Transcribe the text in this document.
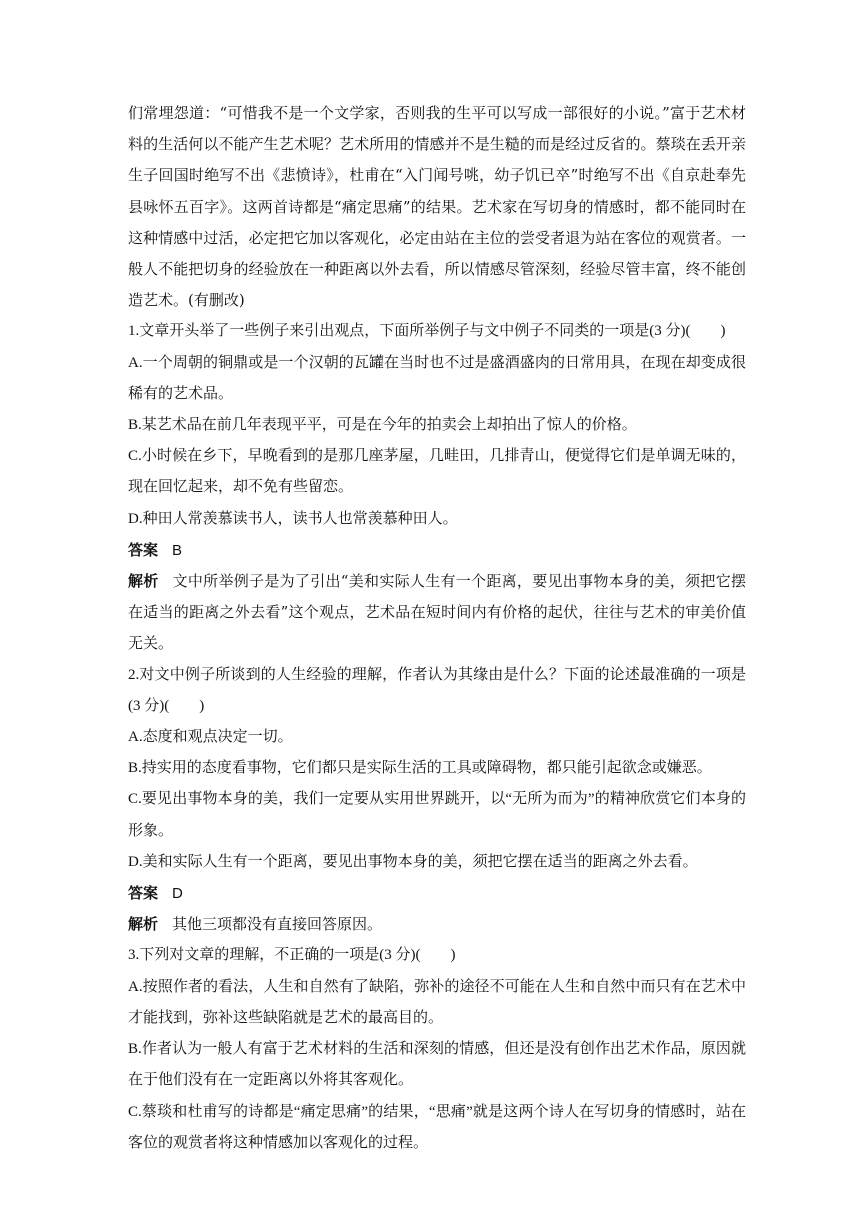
们常埋怨道：“可惜我不是一个文学家，否则我的生平可以写成一部很好的小说。”富于艺术材料的生活何以不能产生艺术呢？艺术所用的情感并不是生糙的而是经过反省的。蔡琰在丢开亲生子回国时绝写不出《悲愤诗》，杜甫在“入门闻号咷，幼子饥已卒”时绝写不出《自京赴奉先县咏怀五百字》。这两首诗都是“痛定思痛”的结果。艺术家在写切身的情感时，都不能同时在这种情感中过活，必定把它加以客观化，必定由站在主位的尝受者退为站在客位的观赏者。一般人不能把切身的经验放在一种距离以外去看，所以情感尽管深刻，经验尽管丰富，终不能创造艺术。(有删改)

1.文章开头举了一些例子来引出观点，下面所举例子与文中例子不同类的一项是(3 分)(　　)

A.一个周朝的铜鼎或是一个汉朝的瓦罐在当时也不过是盛酒盛肉的日常用具，在现在却变成很稀有的艺术品。

B.某艺术品在前几年表现平平，可是在今年的拍卖会上却拍出了惊人的价格。

C.小时候在乡下，早晚看到的是那几座茅屋，几畦田，几排青山，便觉得它们是单调无味的，现在回忆起来，却不免有些留恋。

D.种田人常羡慕读书人，读书人也常羡慕种田人。

答案 B

解析 文中所举例子是为了引出“美和实际人生有一个距离，要见出事物本身的美，须把它摆在适当的距离之外去看”这个观点，艺术品在短时间内有价格的起伏，往往与艺术的审美价值无关。

2.对文中例子所谈到的人生经验的理解，作者认为其缘由是什么？下面的论述最准确的一项是(3 分)(　　)

A.态度和观点决定一切。

B.持实用的态度看事物，它们都只是实际生活的工具或障碍物，都只能引起欲念或嫌恶。

C.要见出事物本身的美，我们一定要从实用世界跳开，以“无所为而为”的精神欣赏它们本身的形象。

D.美和实际人生有一个距离，要见出事物本身的美，须把它摆在适当的距离之外去看。

答案 D

解析 其他三项都没有直接回答原因。

3.下列对文章的理解，不正确的一项是(3 分)(　　)

A.按照作者的看法，人生和自然有了缺陷，弥补的途径不可能在人生和自然中而只有在艺术中才能找到，弥补这些缺陷就是艺术的最高目的。

B.作者认为一般人有富于艺术材料的生活和深刻的情感，但还是没有创作出艺术作品，原因就在于他们没有在一定距离以外将其客观化。

C.蔡琰和杜甫写的诗都是“痛定思痛”的结果，“思痛”就是这两个诗人在写切身的情感时，站在客位的观赏者将这种情感加以客观化的过程。
